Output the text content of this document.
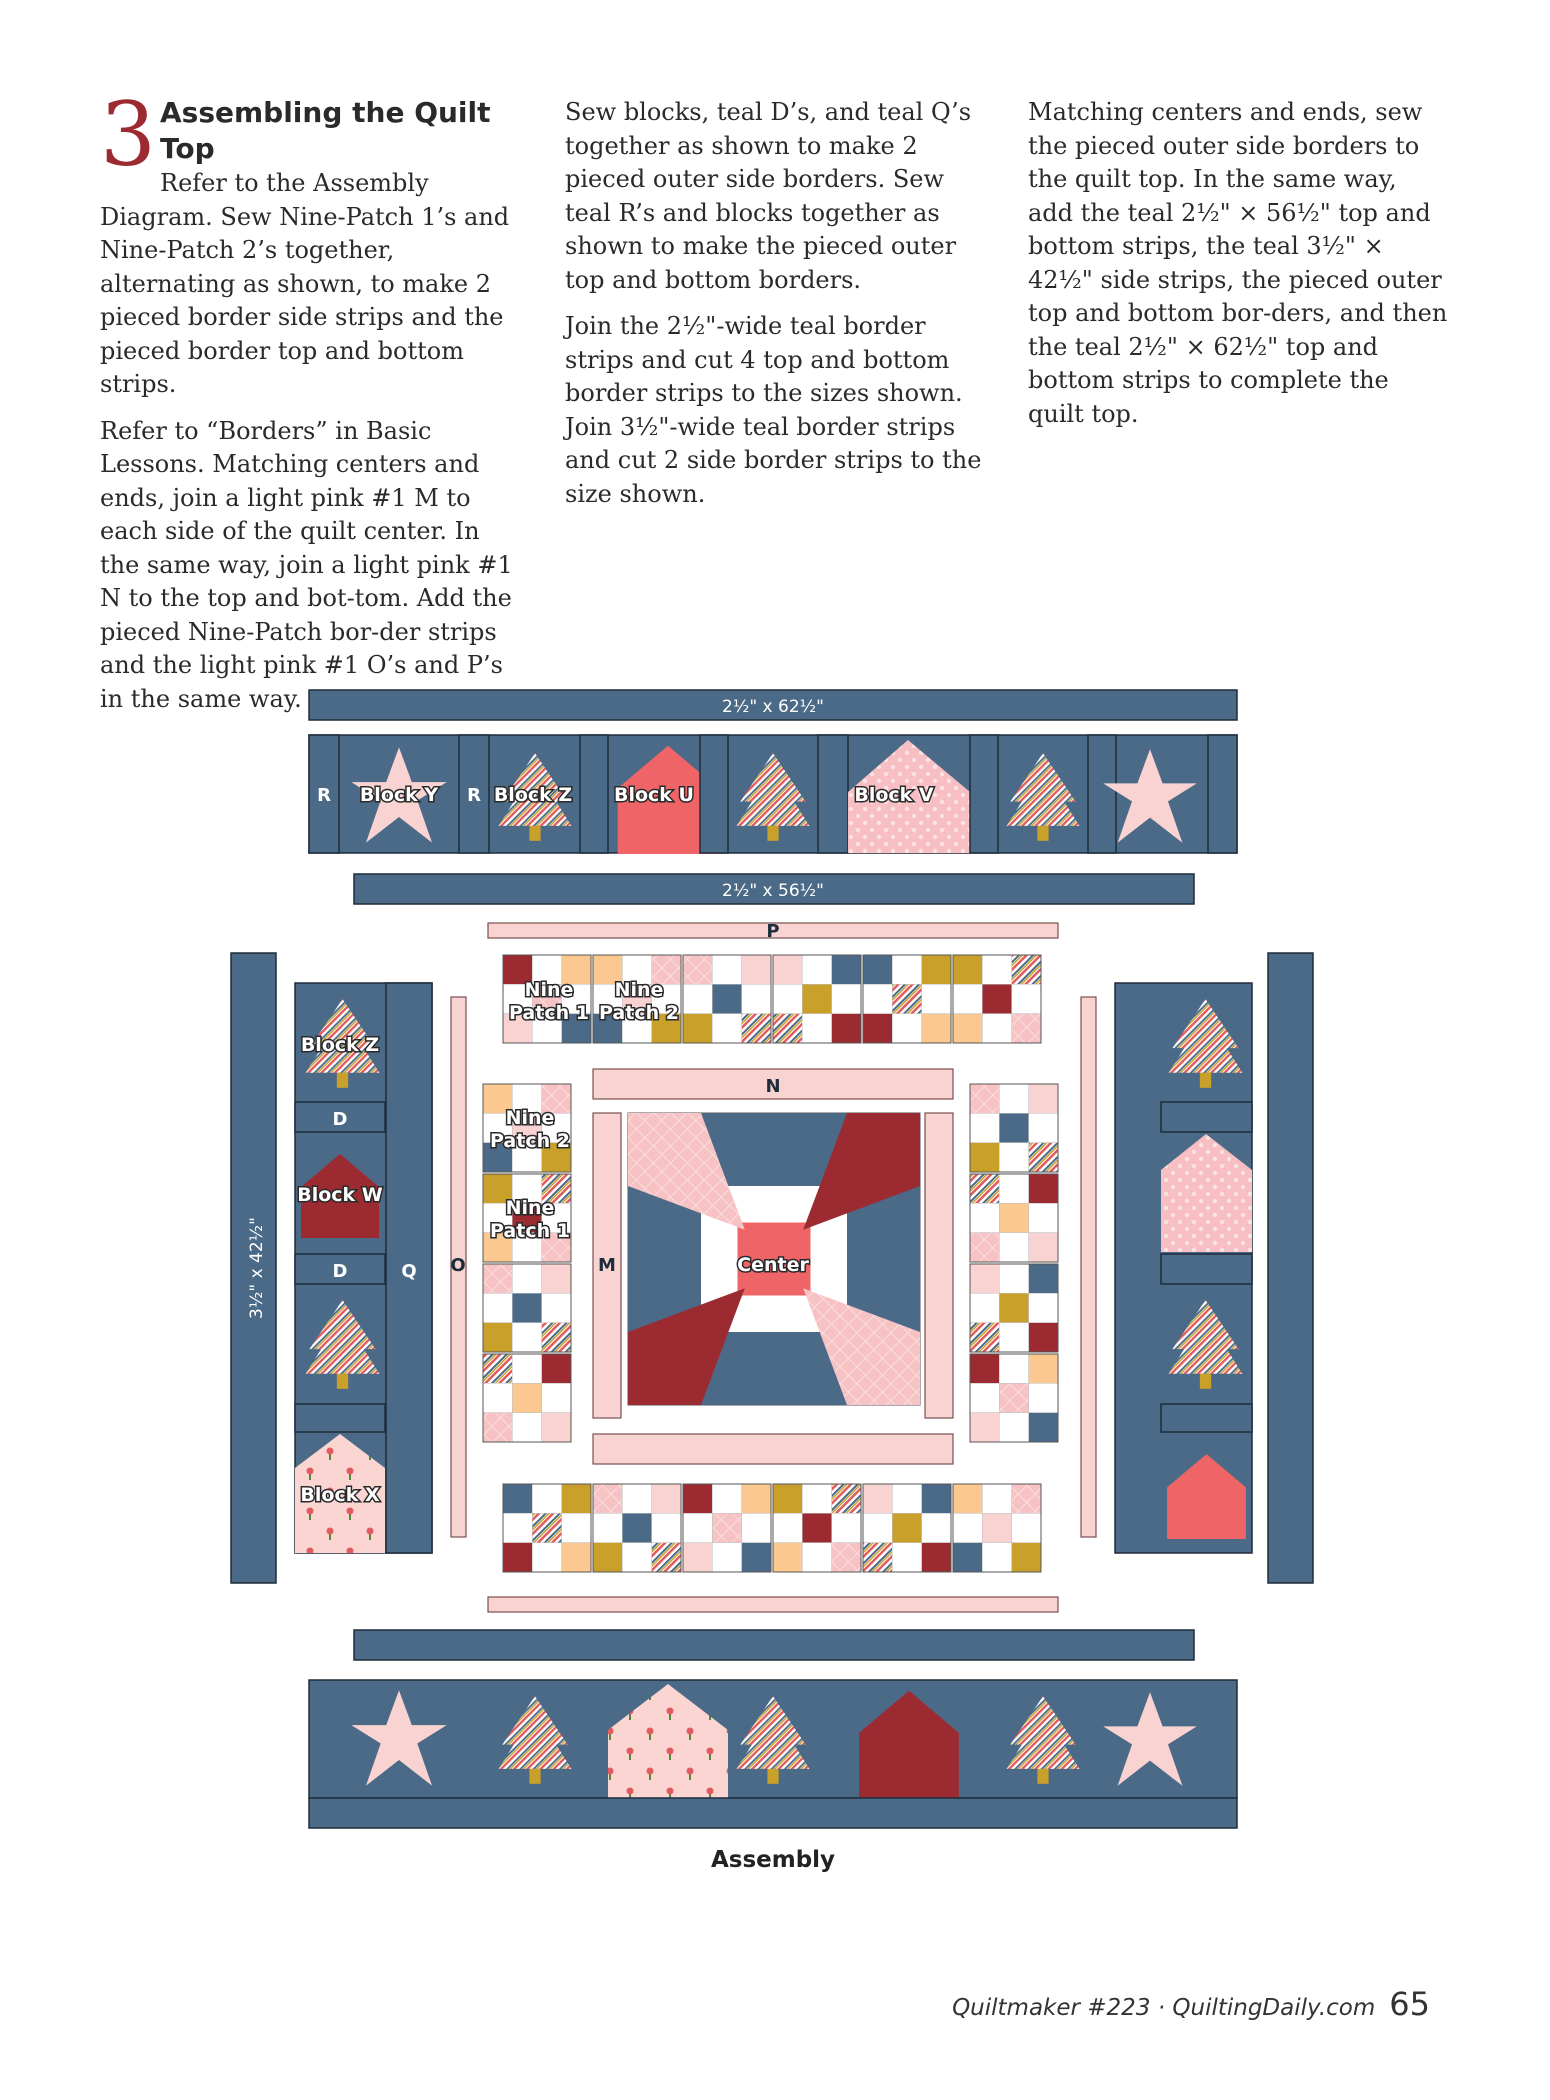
3 Assembling the Quilt Top
Refer to the Assembly Diagram. Sew Nine-Patch 1’s and Nine-Patch 2’s together, alternating as shown, to make 2 pieced border side strips and the pieced border top and bottom strips.

Refer to “Borders” in Basic Lessons. Matching centers and ends, join a light pink #1 M to each side of the quilt center. In the same way, join a light pink #1 N to the top and bot-tom. Add the pieced Nine-Patch bor-der strips and the light pink #1 O’s and P’s in the same way.

Sew blocks, teal D’s, and teal Q’s together as shown to make 2 pieced outer side borders. Sew teal R’s and blocks together as shown to make the pieced outer top and bottom borders.

Join the 2½"-wide teal border strips and cut 4 top and bottom border strips to the sizes shown. Join 3½"-wide teal border strips and cut 2 side border strips to the size shown.

Matching centers and ends, sew the pieced outer side borders to the quilt top. In the same way, add the teal 2½" × 56½" top and bottom strips, the teal 3½" × 42½" side strips, the pieced outer top and bottom bor-ders, and then the teal 2½" × 62½" top and bottom strips to complete the quilt top.

2½" x 62½"
R Block Y R Block Z Block U	Block V
2½" x 56½"
P
Nine
Patch 1
Nine
Patch 2
N
M	Center
Nine
Patch 2
Nine
Patch 1
O
3½" x 42½"
Block Z
D
Block W
D
Block X
Q
Assembly
Quiltmaker #223 · QuiltingDaily.com 65
